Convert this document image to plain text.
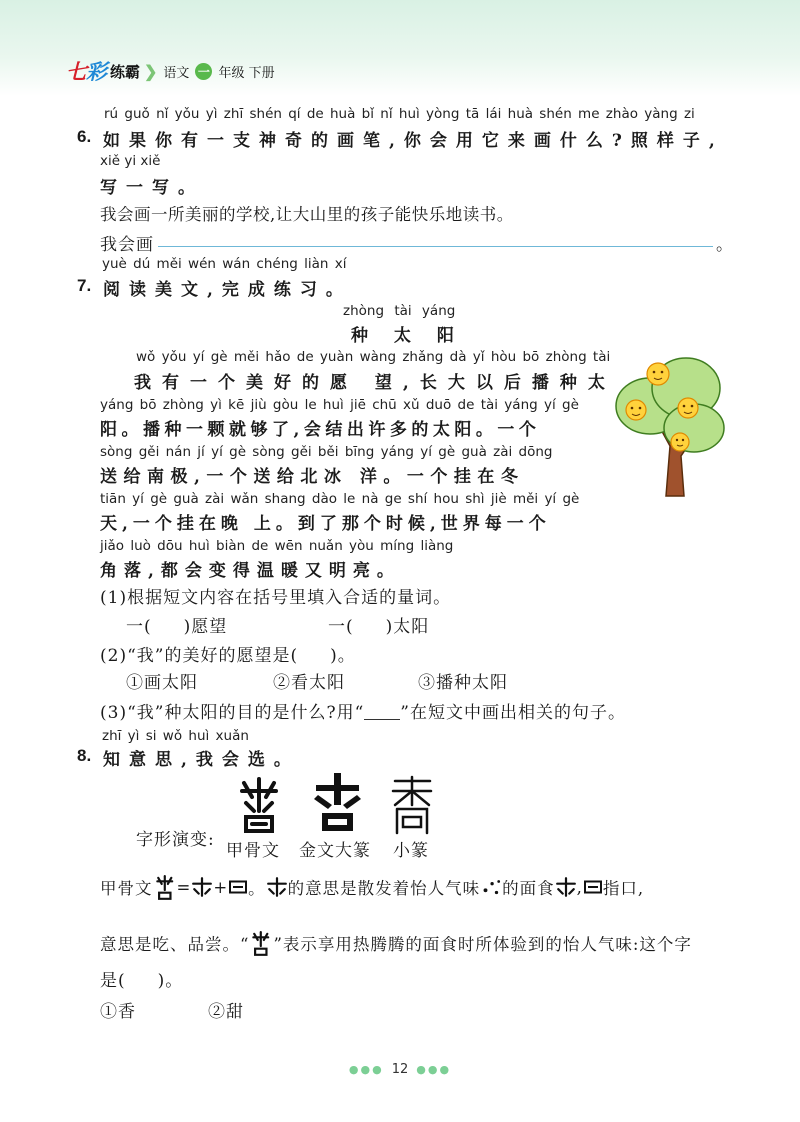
七彩 练霸 ❯ 语文 一 年级 下册
rú guǒ nǐ yǒu yì zhī shén qí de huà bǐ nǐ huì yòng tā lái huà shén me zhào yàng zi
6. 如果你有一支神奇的画笔,你会用它来画什么?照样子,
xiě yi xiě
写一写。
我会画一所美丽的学校,让大山里的孩子能快乐地读书。
我会画	。
yuè dú měi wén wán chéng liàn xí
7. 阅读美文,完成练习。
zhòng tài yáng
种 太 阳
wǒ yǒu yí gè měi hǎo de yuàn wàng zhǎng dà yǐ hòu bō zhòng tài
我有一个美好的愿 望,长大以后播种太
yáng bō zhòng yì kē jiù gòu le huì jiē chū xǔ duō de tài yáng yí gè
阳。播种一颗就够了,会结出许多的太阳。一个
sòng gěi nán jí yí gè sòng gěi běi bīng yáng yí gè guà zài dōng
送给南极,一个送给北冰 洋。一个挂在冬
tiān yí gè guà zài wǎn shang dào le nà ge shí hou shì jiè měi yí gè
天,一个挂在晚 上。到了那个时候,世界每一个
jiǎo luò dōu huì biàn de wēn nuǎn yòu míng liàng
角落,都会变得温暖又明亮。
(1)根据短文内容在括号里填入合适的量词。
一(     )愿望	一(     )太阳
(2)“我”的美好的愿望是(     )。
①画太阳	②看太阳	③播种太阳
(3)“我”种太阳的目的是什么?用“ ”在短文中画出相关的句子。
zhī yì si wǒ huì xuǎn
8. 知意思,我会选。
字形演变:
甲骨文 金文大篆 小篆
甲骨文 = + 。 的意思是散发着怡人气味 的面食 , 指口,
意思是吃、品尝。“ ”表示享用热腾腾的面食时所体验到的怡人气味:这个字
是(     )。
①香	②甜
●●● 12 ●●●
